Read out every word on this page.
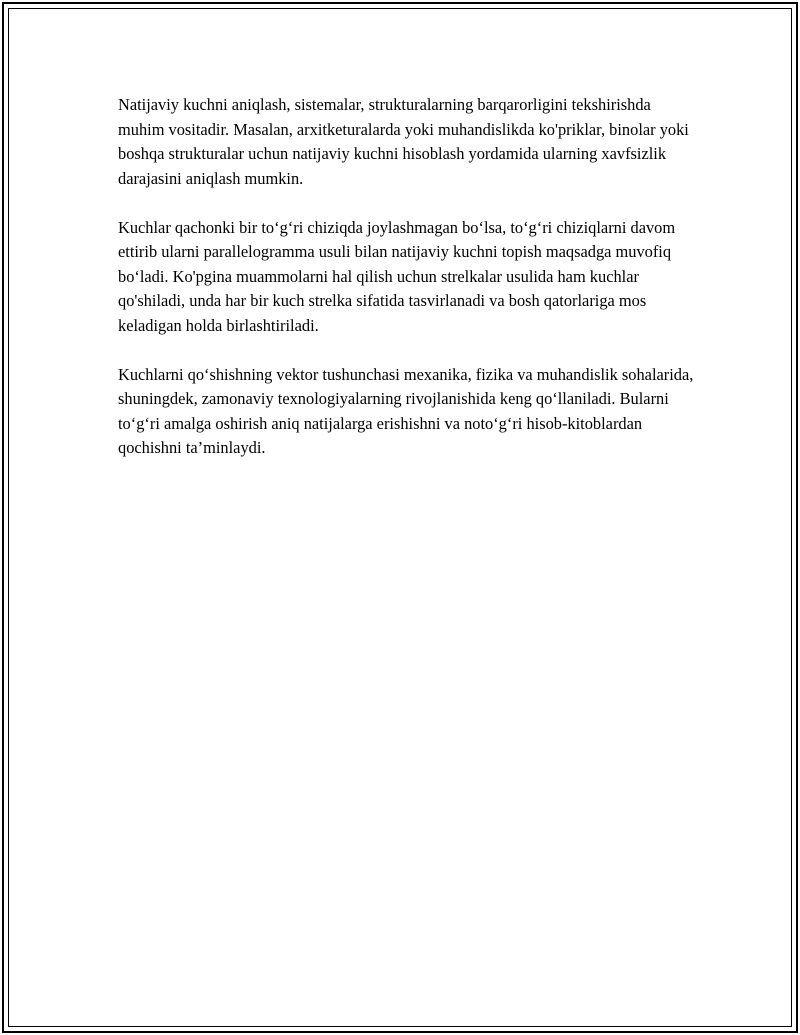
Natijaviy kuchni aniqlash, sistemalar, strukturalarning barqarorligini tekshirishda muhim vositadir. Masalan, arxitketuralarda yoki muhandislikda ko'priklar, binolar yoki boshqa strukturalar uchun natijaviy kuchni hisoblash yordamida ularning xavfsizlik darajasini aniqlash mumkin.

Kuchlar qachonki bir to‘g‘ri chiziqda joylashmagan bo‘lsa, to‘g‘ri chiziqlarni davom ettirib ularni parallelogramma usuli bilan natijaviy kuchni topish maqsadga muvofiq bo‘ladi. Ko'pgina muammolarni hal qilish uchun strelkalar usulida ham kuchlar qo'shiladi, unda har bir kuch strelka sifatida tasvirlanadi va bosh qatorlariga mos keladigan holda birlashtiriladi.

Kuchlarni qo‘shishning vektor tushunchasi mexanika, fizika va muhandislik sohalarida, shuningdek, zamonaviy texnologiyalarning rivojlanishida keng qo‘llaniladi. Bularni to‘g‘ri amalga oshirish aniq natijalarga erishishni va noto‘g‘ri hisob-kitoblardan qochishni ta’minlaydi.
